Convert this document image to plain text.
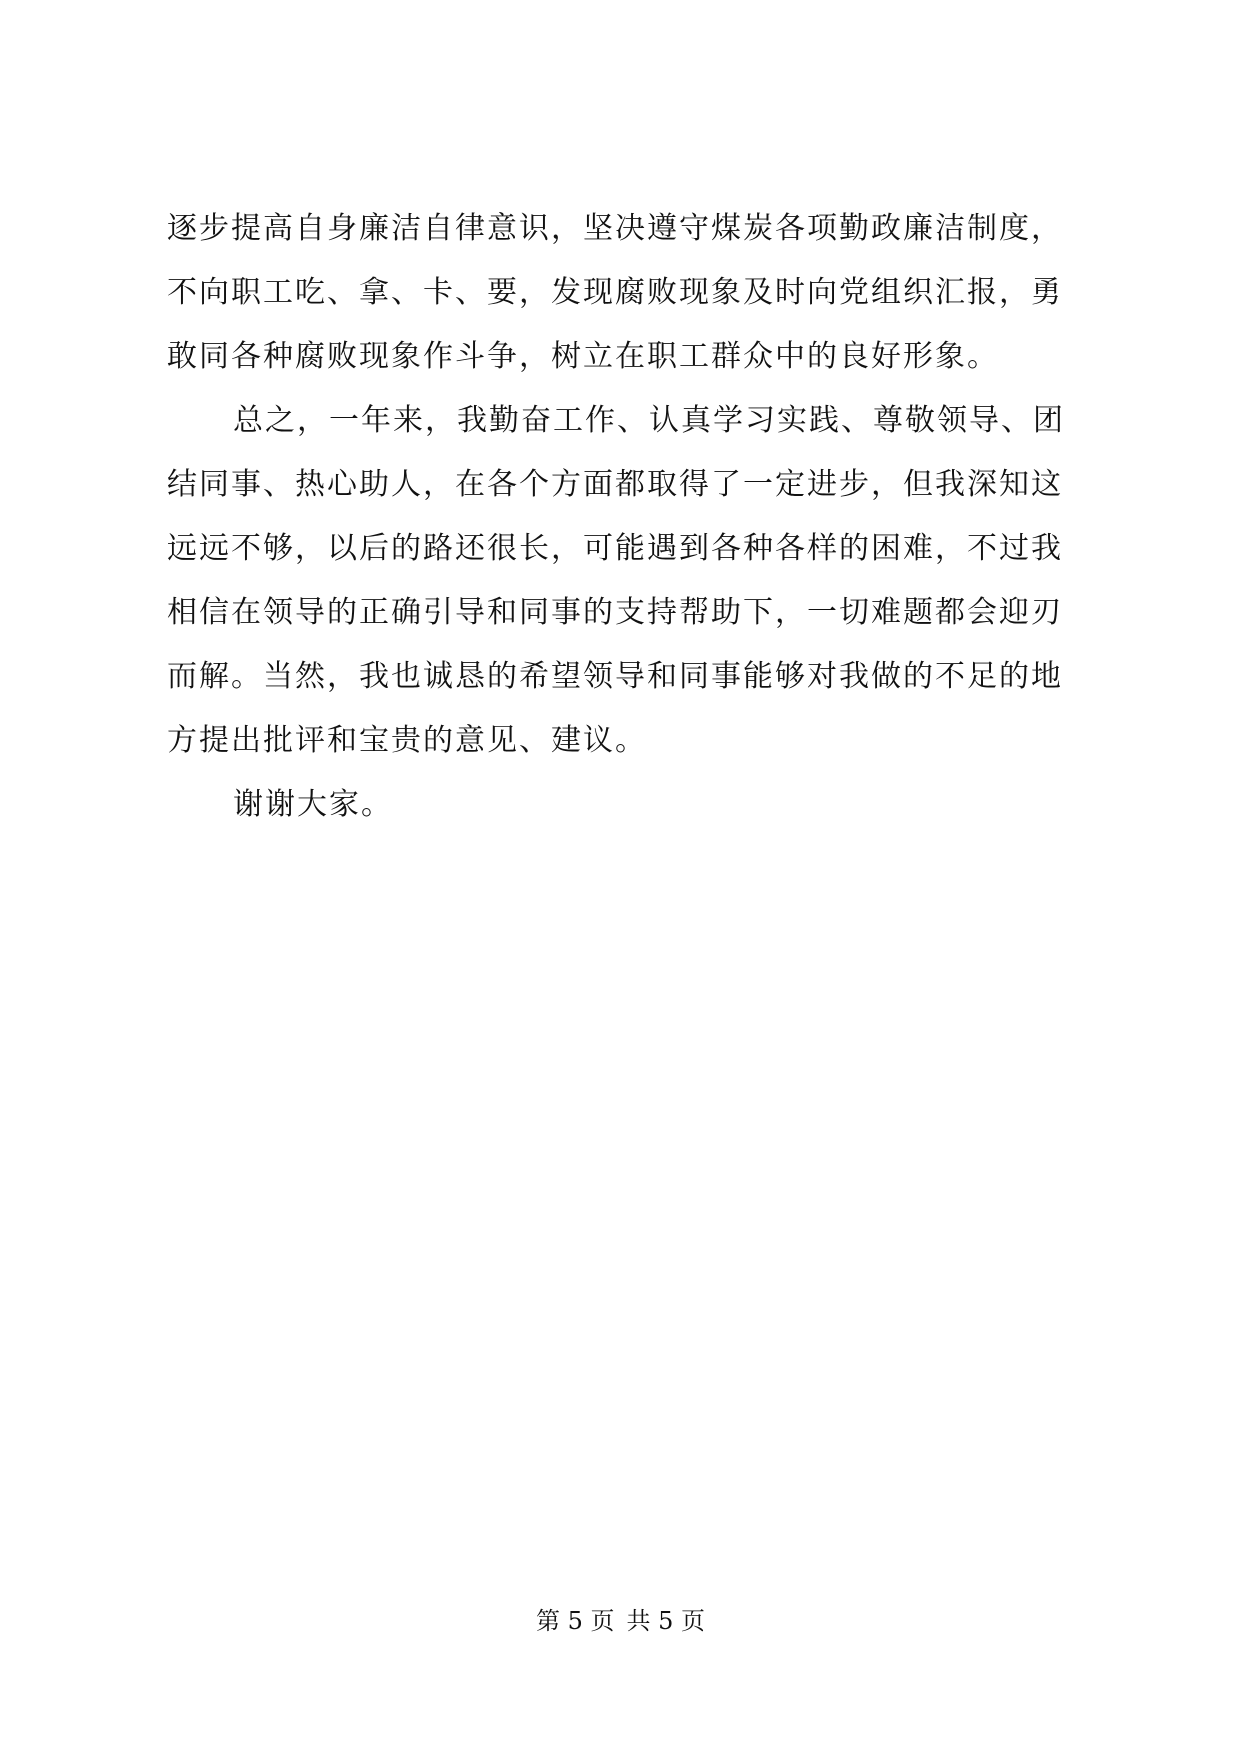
逐步提高自身廉洁自律意识，坚决遵守煤炭各项勤政廉洁制度，
不向职工吃、拿、卡、要，发现腐败现象及时向党组织汇报，勇
敢同各种腐败现象作斗争，树立在职工群众中的良好形象。
总之，一年来，我勤奋工作、认真学习实践、尊敬领导、团
结同事、热心助人，在各个方面都取得了一定进步，但我深知这
远远不够，以后的路还很长，可能遇到各种各样的困难，不过我
相信在领导的正确引导和同事的支持帮助下，一切难题都会迎刃
而解。当然，我也诚恳的希望领导和同事能够对我做的不足的地
方提出批评和宝贵的意见、建议。
谢谢大家。
第 5 页 共 5 页
